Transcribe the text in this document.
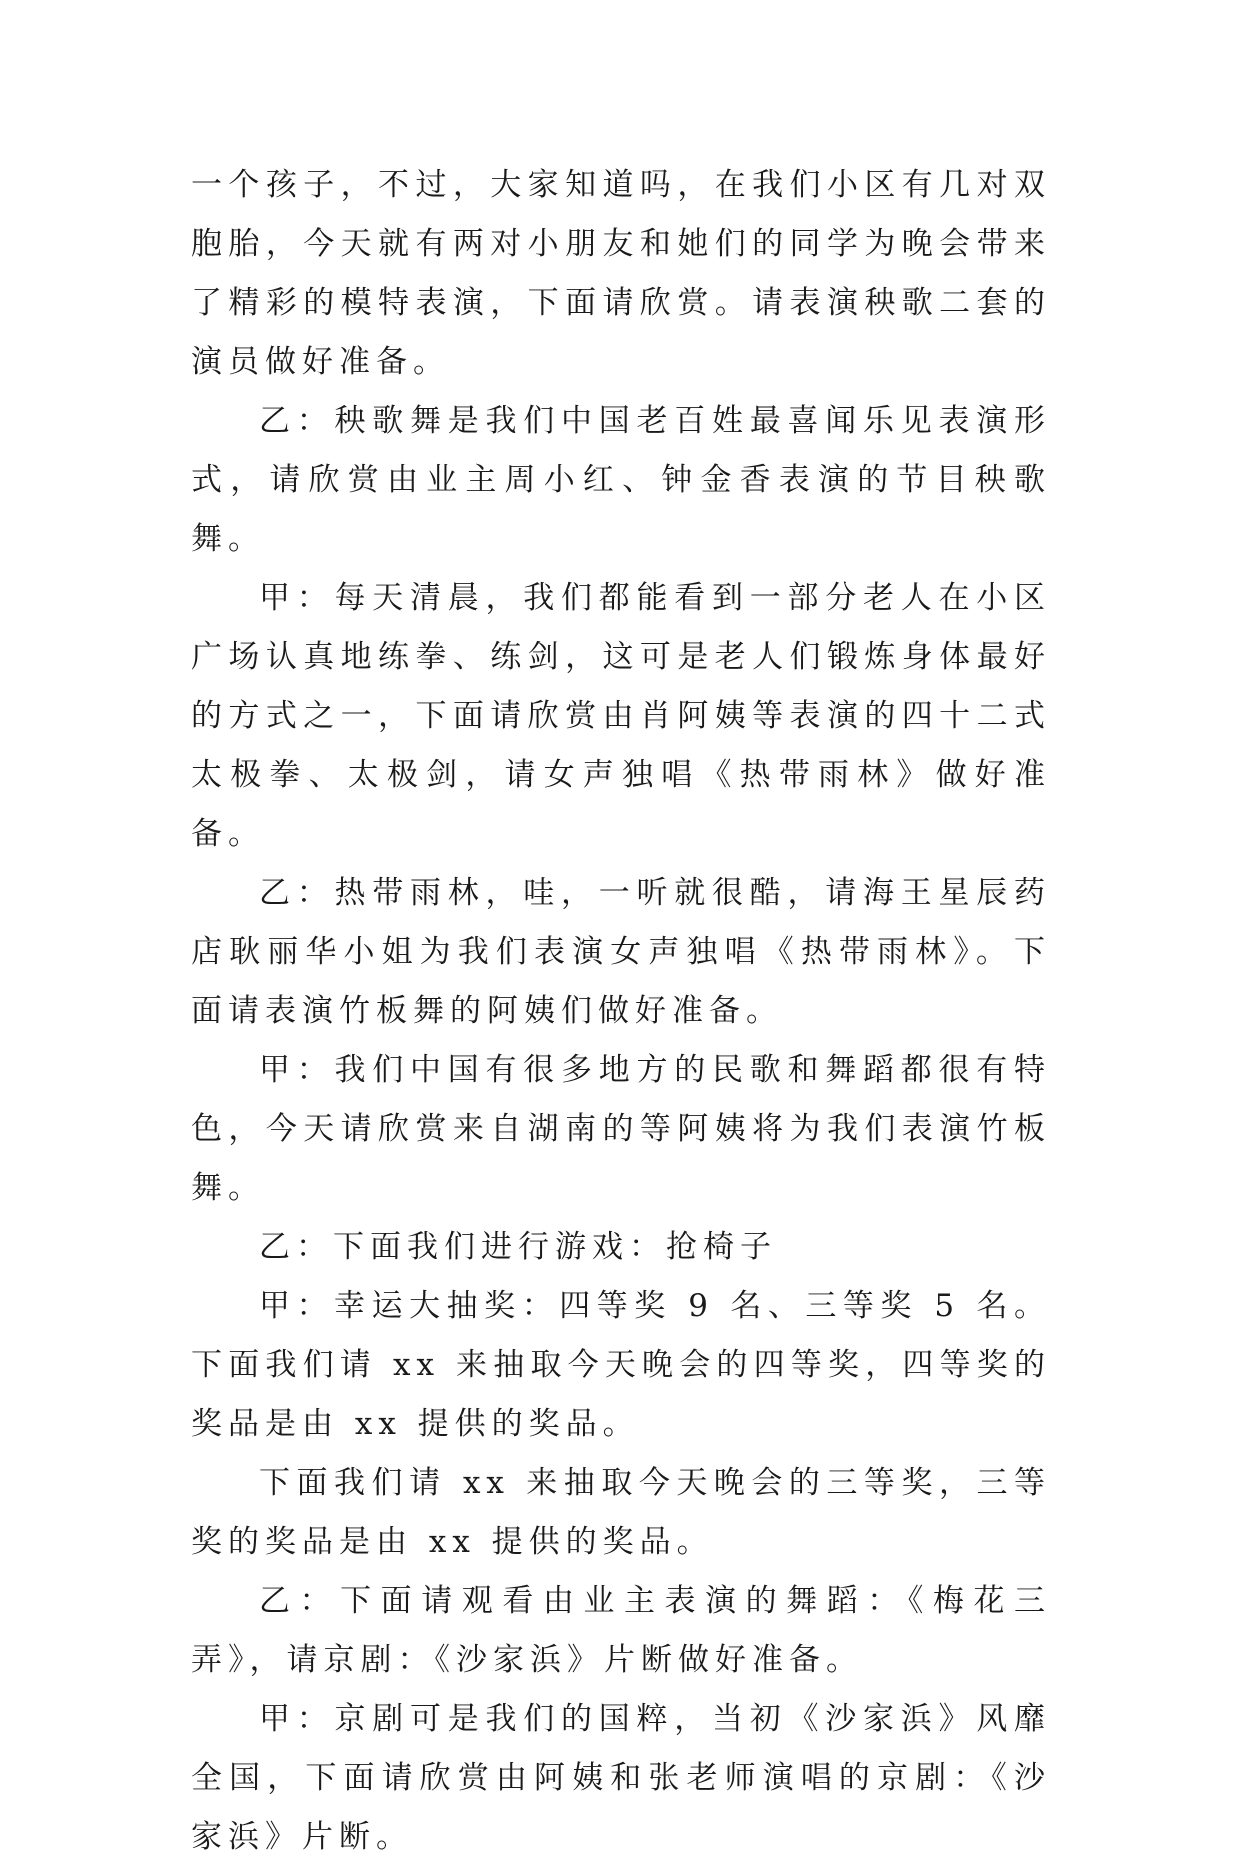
一个孩子，不过，大家知道吗，在我们小区有几对双胞胎，今天就有两对小朋友和她们的同学为晚会带来了精彩的模特表演，下面请欣赏。请表演秧歌二套的演员做好准备。

乙：秧歌舞是我们中国老百姓最喜闻乐见表演形式，请欣赏由业主周小红、钟金香表演的节目秧歌舞。

甲：每天清晨，我们都能看到一部分老人在小区广场认真地练拳、练剑，这可是老人们锻炼身体最好的方式之一，下面请欣赏由肖阿姨等表演的四十二式太极拳、太极剑，请女声独唱《热带雨林》做好准备。

乙：热带雨林，哇，一听就很酷，请海王星辰药店耿丽华小姐为我们表演女声独唱《热带雨林》。下面请表演竹板舞的阿姨们做好准备。

甲：我们中国有很多地方的民歌和舞蹈都很有特色，今天请欣赏来自湖南的等阿姨将为我们表演竹板舞。

乙：下面我们进行游戏：抢椅子

甲：幸运大抽奖：四等奖 9 名、三等奖 5 名。下面我们请 xx 来抽取今天晚会的四等奖，四等奖的奖品是由 xx 提供的奖品。

下面我们请 xx 来抽取今天晚会的三等奖，三等奖的奖品是由 xx 提供的奖品。

乙：下面请观看由业主表演的舞蹈：《梅花三弄》，请京剧：《沙家浜》片断做好准备。

甲：京剧可是我们的国粹，当初《沙家浜》风靡全国，下面请欣赏由阿姨和张老师演唱的京剧：《沙家浜》片断。
